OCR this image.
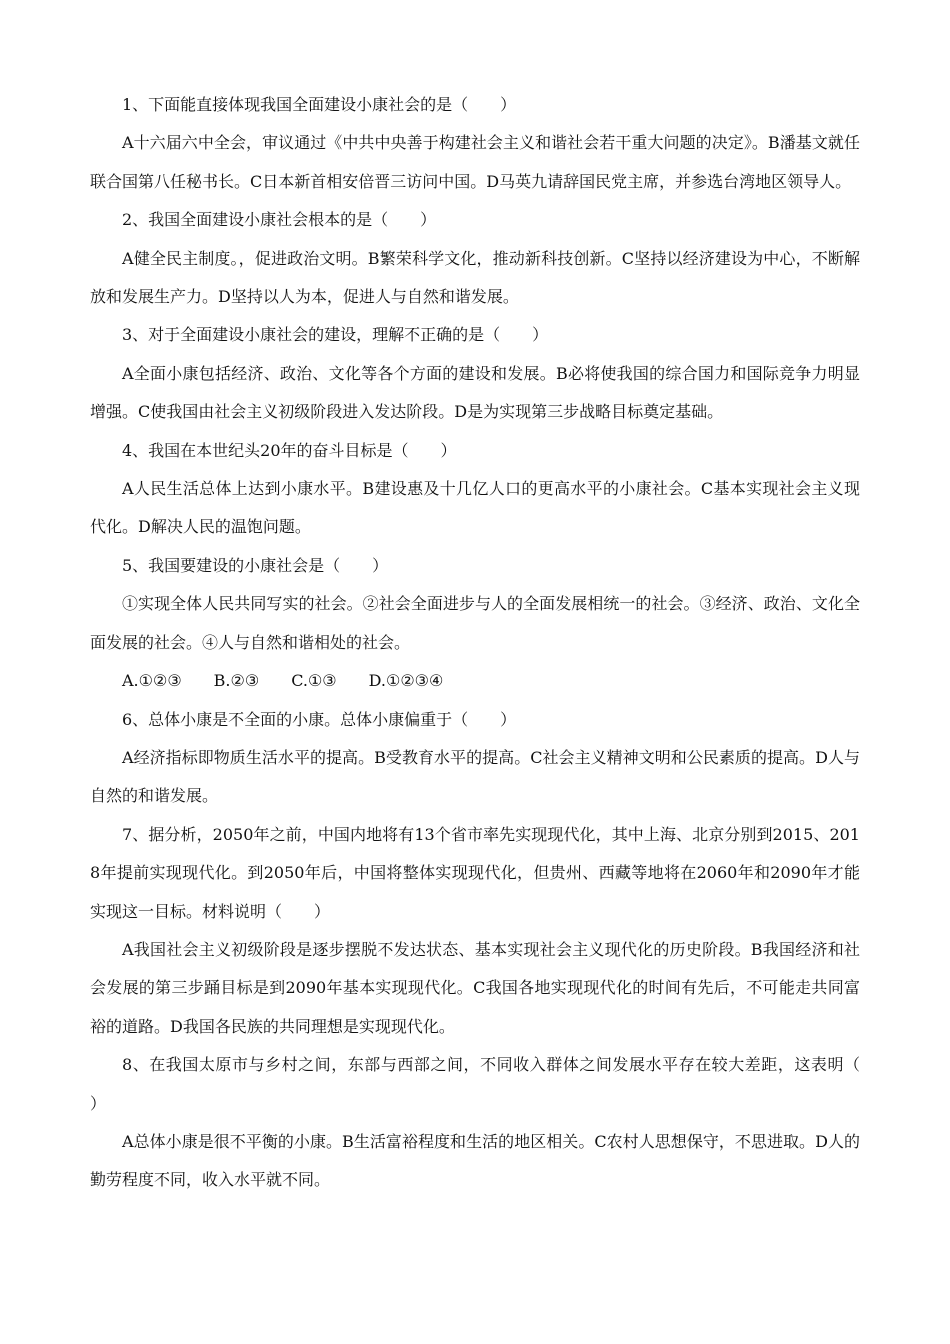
1、下面能直接体现我国全面建设小康社会的是（　　）

A十六届六中全会，审议通过《中共中央善于构建社会主义和谐社会若干重大问题的决定》。B潘基文就任联合国第八任秘书长。C日本新首相安倍晋三访问中国。D马英九请辞国民党主席，并参选台湾地区领导人。

2、我国全面建设小康社会根本的是（　　）

A健全民主制度。，促进政治文明。B繁荣科学文化，推动新科技创新。C坚持以经济建设为中心，不断解放和发展生产力。D坚持以人为本，促进人与自然和谐发展。

3、对于全面建设小康社会的建设，理解不正确的是（　　）

A全面小康包括经济、政治、文化等各个方面的建设和发展。B必将使我国的综合国力和国际竞争力明显增强。C使我国由社会主义初级阶段进入发达阶段。D是为实现第三步战略目标奠定基础。

4、我国在本世纪头20年的奋斗目标是（　　）

A人民生活总体上达到小康水平。B建设惠及十几亿人口的更高水平的小康社会。C基本实现社会主义现代化。D解决人民的温饱问题。

5、我国要建设的小康社会是（　　）

①实现全体人民共同写实的社会。②社会全面进步与人的全面发展相统一的社会。③经济、政治、文化全面发展的社会。④人与自然和谐相处的社会。

A.①②③　　B.②③　　C.①③　　D.①②③④

6、总体小康是不全面的小康。总体小康偏重于（　　）

A经济指标即物质生活水平的提高。B受教育水平的提高。C社会主义精神文明和公民素质的提高。D人与自然的和谐发展。

7、据分析，2050年之前，中国内地将有13个省市率先实现现代化，其中上海、北京分别到2015、2018年提前实现现代化。到2050年后，中国将整体实现现代化，但贵州、西藏等地将在2060年和2090年才能实现这一目标。材料说明（　　）

A我国社会主义初级阶段是逐步摆脱不发达状态、基本实现社会主义现代化的历史阶段。B我国经济和社会发展的第三步踊目标是到2090年基本实现现代化。C我国各地实现现代化的时间有先后，不可能走共同富裕的道路。D我国各民族的共同理想是实现现代化。

8、在我国太原市与乡村之间，东部与西部之间，不同收入群体之间发展水平存在较大差距，这表明（　　）

A总体小康是很不平衡的小康。B生活富裕程度和生活的地区相关。C农村人思想保守，不思进取。D人的勤劳程度不同，收入水平就不同。
